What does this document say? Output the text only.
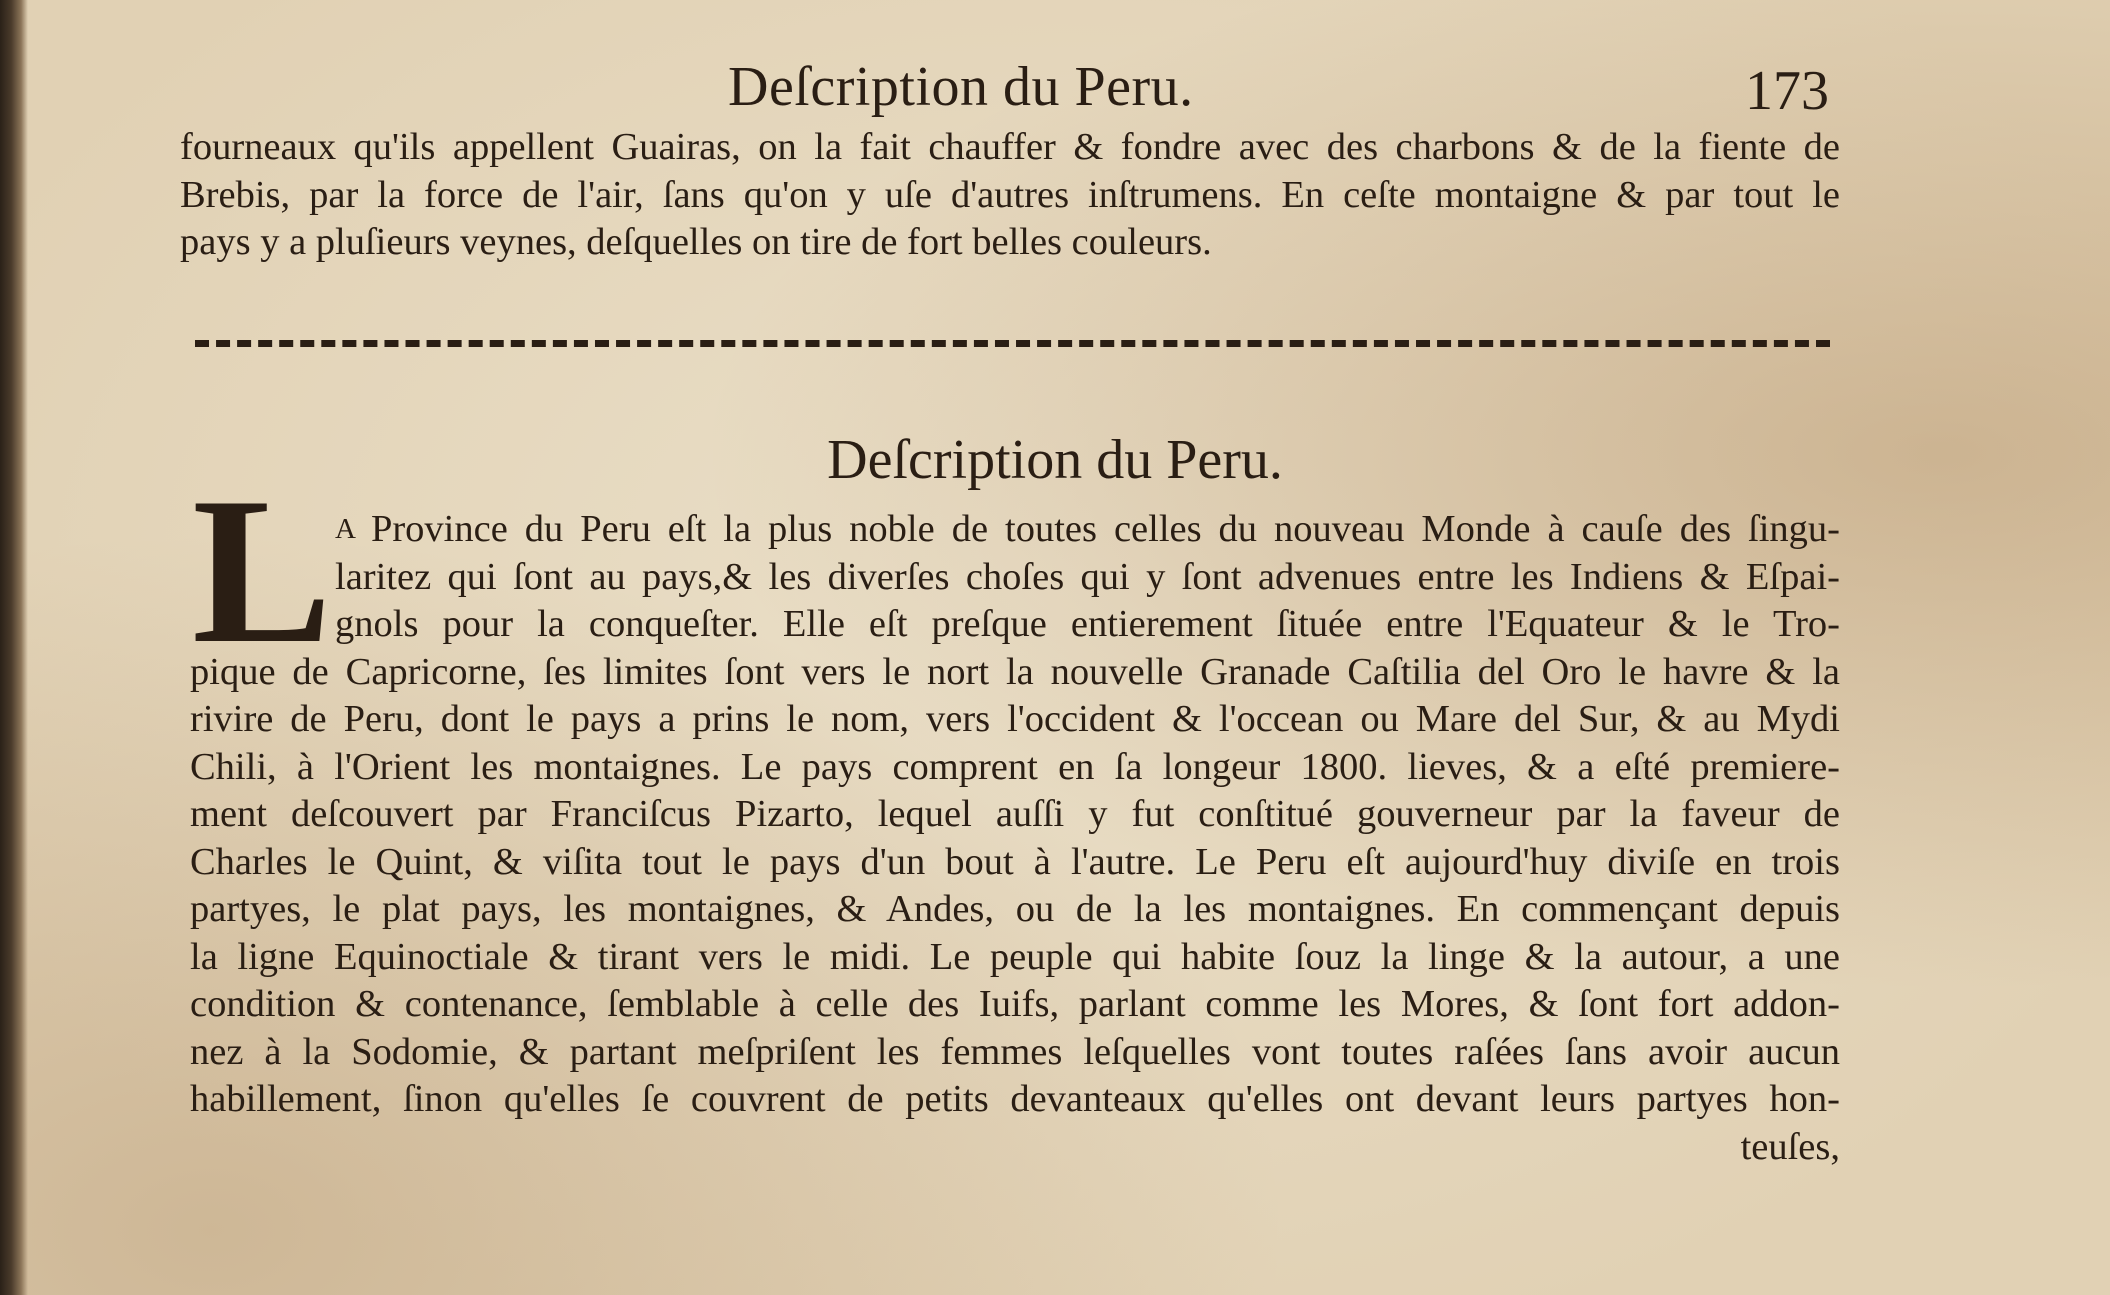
Deſcription du Peru.	173
fourneaux qu'ils appellent Guairas, on la fait chauffer & fondre avec des charbons & de la fiente de
Brebis, par la force de l'air, ſans qu'on y uſe d'autres inſtrumens. En ceſte montaigne & par tout le
pays y a pluſieurs veynes, deſquelles on tire de fort belles couleurs.
Deſcription du Peru.
L A Province du Peru eſt la plus noble de toutes celles du nouveau Monde à cauſe des ſingu-
laritez qui ſont au pays,& les diverſes choſes qui y ſont advenues entre les Indiens & Eſpai-
gnols pour la conqueſter. Elle eſt preſque entierement ſituée entre l'Equateur & le Tro-
pique de Capricorne, ſes limites ſont vers le nort la nouvelle Granade Caſtilia del Oro le havre & la
rivire de Peru, dont le pays a prins le nom, vers l'occident & l'occean ou Mare del Sur, & au Mydi
Chili, à l'Orient les montaignes. Le pays comprent en ſa longeur 1800. lieves, & a eſté premiere-
ment deſcouvert par Franciſcus Pizarto, lequel auſſi y fut conſtitué gouverneur par la faveur de
Charles le Quint, & viſita tout le pays d'un bout à l'autre. Le Peru eſt aujourd'huy diviſe en trois
partyes, le plat pays, les montaignes, & Andes, ou de la les montaignes. En commençant depuis
la ligne Equinoctiale & tirant vers le midi. Le peuple qui habite ſouz la linge & la autour, a une
condition & contenance, ſemblable à celle des Iuifs, parlant comme les Mores, & ſont fort addon-
nez à la Sodomie, & partant meſpriſent les femmes leſquelles vont toutes raſées ſans avoir aucun
habillement, ſinon qu'elles ſe couvrent de petits devanteaux qu'elles ont devant leurs partyes hon-
teuſes,
